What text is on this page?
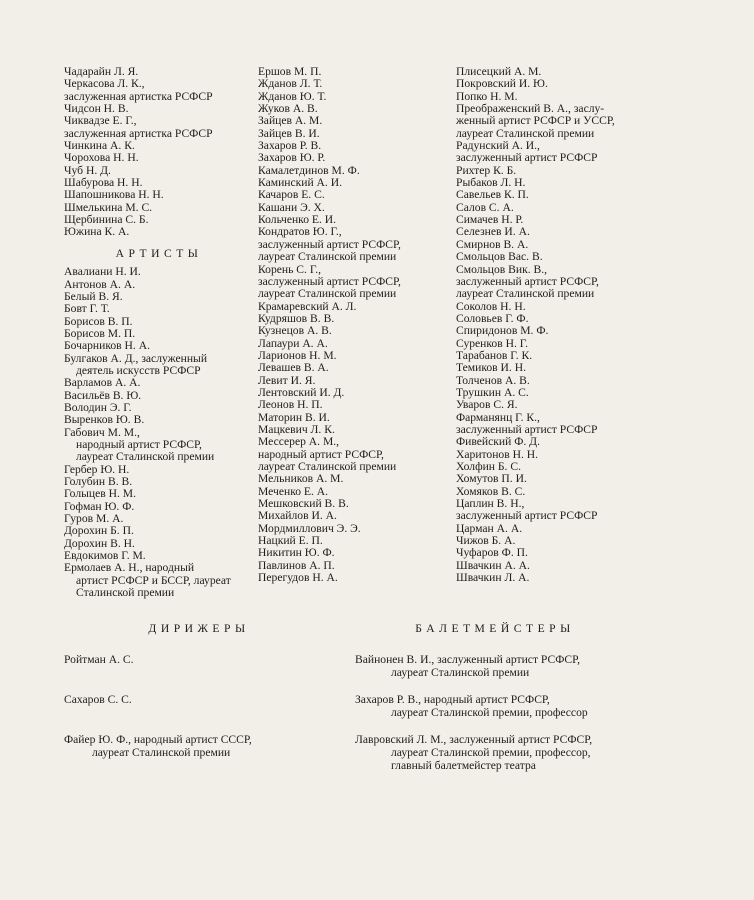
Чадарайн Л. Я.
Черкасова Л. К.,
заслуженная артистка РСФСР
Чидсон Н. В.
Чиквадзе Е. Г.,
заслуженная артистка РСФСР
Чинкина А. К.
Чорохова Н. Н.
Чуб Н. Д.
Шабурова Н. Н.
Шапошникова Н. Н.
Шмелькина М. С.
Щербинина С. Б.
Южина К. А.
АРТИСТЫ
Авалиани Н. И.
Антонов А. А.
Белый В. Я.
Бовт Г. Т.
Борисов В. П.
Борисов М. П.
Бочарников Н. А.
Булгаков А. Д., заслуженный
деятель искусств РСФСР
Варламов А. А.
Васильёв В. Ю.
Володин Э. Г.
Выренков Ю. В.
Габович М. М.,
народный артист РСФСР,
лауреат Сталинской премии
Гербер Ю. Н.
Голубин В. В.
Голыцев Н. М.
Гофман Ю. Ф.
Гуров М. А.
Дорохин Б. П.
Дорохин В. Н.
Евдокимов Г. М.
Ермолаев А. Н., народный
артист РСФСР и БССР, лауреат
Сталинской премии
Ершов М. П.
Жданов Л. Т.
Жданов Ю. Т.
Жуков А. В.
Зайцев А. М.
Зайцев В. И.
Захаров Р. В.
Захаров Ю. Р.
Камалетдинов М. Ф.
Каминский А. И.
Качаров Е. С.
Кашани Э. Х.
Кольченко Е. И.
Кондратов Ю. Г.,
заслуженный артист РСФСР,
лауреат Сталинской премии
Корень С. Г.,
заслуженный артист РСФСР,
лауреат Сталинской премии
Крамаревский А. Л.
Кудряшов В. В.
Кузнецов А. В.
Лапаури А. А.
Ларионов Н. М.
Левашев В. А.
Левит И. Я.
Лентовский И. Д.
Леонов Н. П.
Маторин В. И.
Мацкевич Л. К.
Мессерер А. М.,
народный артист РСФСР,
лауреат Сталинской премии
Мельников А. М.
Меченко Е. А.
Мешковский В. В.
Михайлов И. А.
Мордмиллович Э. Э.
Нацкий Е. П.
Никитин Ю. Ф.
Павлинов А. П.
Перегудов Н. А.
Плисецкий А. М.
Покровский И. Ю.
Попко Н. М.
Преображенский В. А., заслу-
женный артист РСФСР и УССР,
лауреат Сталинской премии
Радунский А. И.,
заслуженный артист РСФСР
Рихтер К. Б.
Рыбаков Л. Н.
Савельев К. П.
Салов С. А.
Симачев Н. Р.
Селезнев И. А.
Смирнов В. А.
Смольцов Вас. В.
Смольцов Вик. В.,
заслуженный артист РСФСР,
лауреат Сталинской премии
Соколов Н. Н.
Соловьев Г. Ф.
Спиридонов М. Ф.
Суренков Н. Г.
Тарабанов Г. К.
Темиков И. Н.
Толченов А. В.
Трушкин А. С.
Уваров С. Я.
Фарманянц Г. К.,
заслуженный артист РСФСР
Фивейский Ф. Д.
Харитонов Н. Н.
Холфин Б. С.
Хомутов П. И.
Хомяков В. С.
Цаплин В. Н.,
заслуженный артист РСФСР
Царман А. А.
Чижов Б. А.
Чуфаров Ф. П.
Швачкин А. А.
Швачкин Л. А.
ДИРИЖЕРЫ
Ройтман А. С.
Сахаров С. С.
Файер Ю. Ф., народный артист СССР,
лауреат Сталинской премии
БАЛЕТМЕЙСТЕРЫ
Вайнонен В. И., заслуженный артист РСФСР,
лауреат Сталинской премии
Захаров Р. В., народный артист РСФСР,
лауреат Сталинской премии, профессор
Лавровский Л. М., заслуженный артист РСФСР,
лауреат Сталинской премии, профессор,
главный балетмейстер театра
